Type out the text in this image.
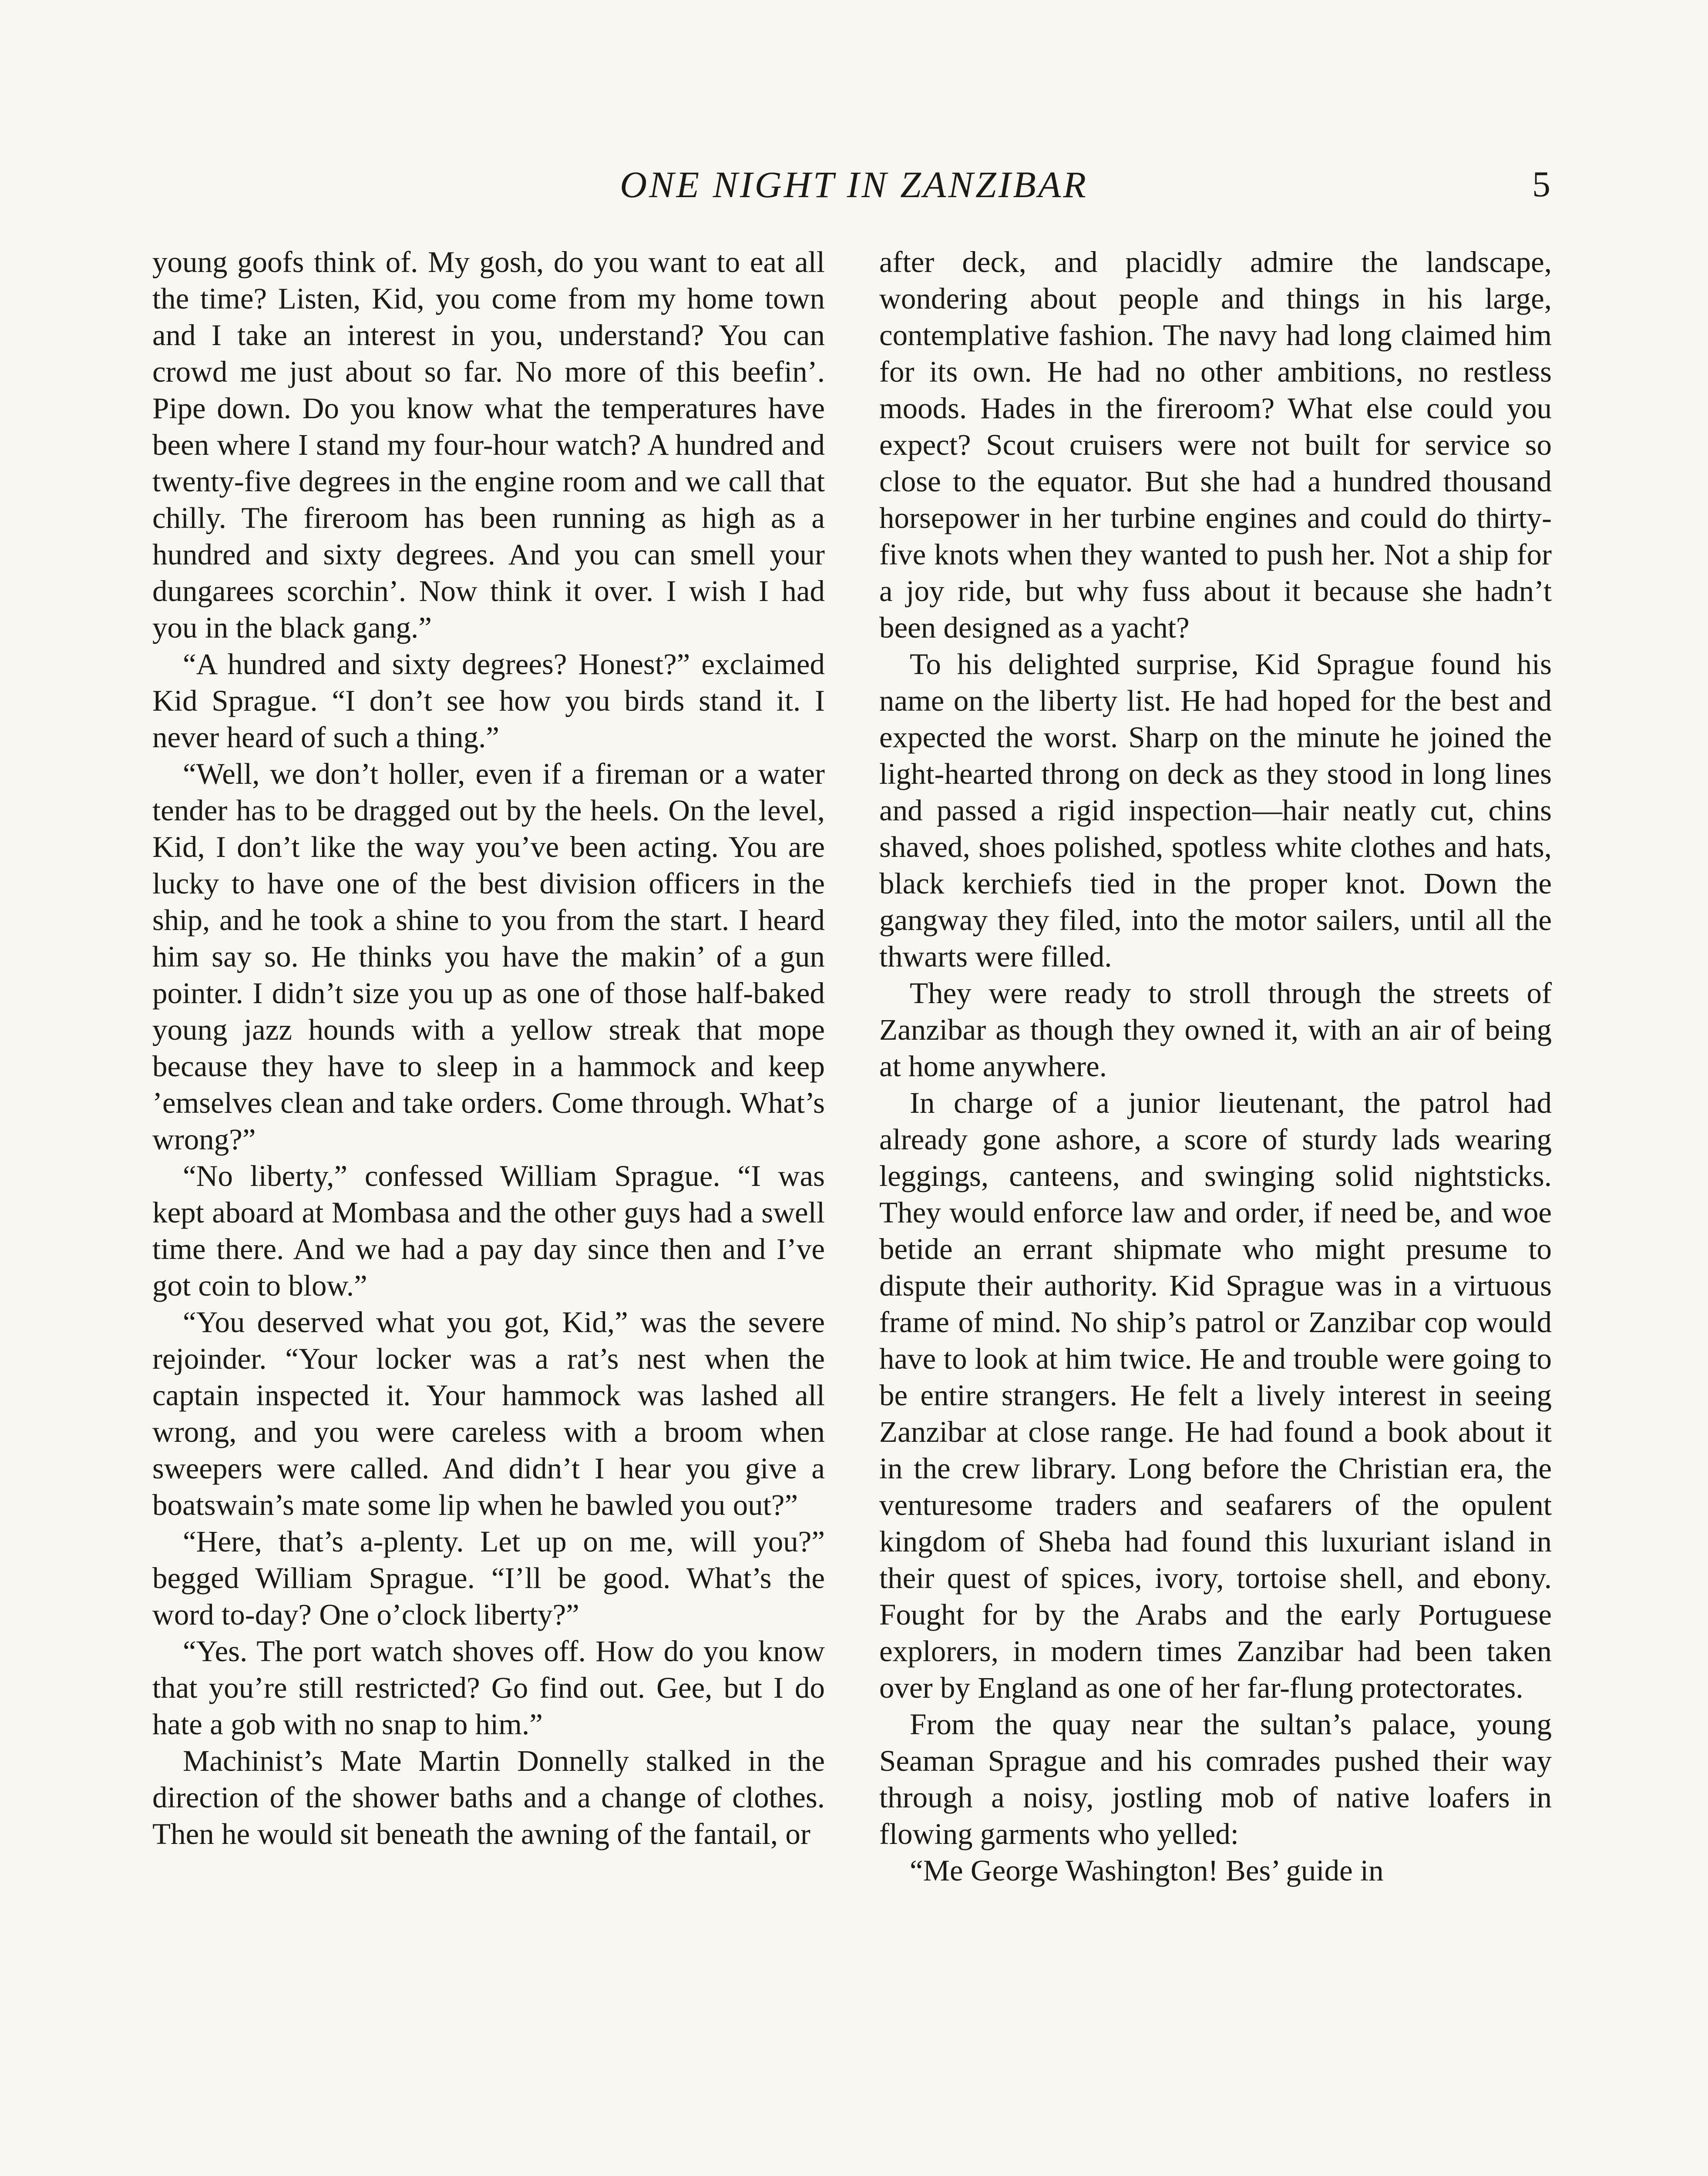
ONE NIGHT IN ZANZIBAR	5

young goofs think of. My gosh, do you want to eat all the time? Listen, Kid, you come from my home town and I take an interest in you, understand? You can crowd me just about so far. No more of this beefin’. Pipe down. Do you know what the temperatures have been where I stand my four-hour watch? A hundred and twenty-five degrees in the engine room and we call that chilly. The fireroom has been running as high as a hundred and sixty degrees. And you can smell your dungarees scorchin’. Now think it over. I wish I had you in the black gang.”

“A hundred and sixty degrees? Honest?” exclaimed Kid Sprague. “I don’t see how you birds stand it. I never heard of such a thing.”

“Well, we don’t holler, even if a fireman or a water tender has to be dragged out by the heels. On the level, Kid, I don’t like the way you’ve been acting. You are lucky to have one of the best division officers in the ship, and he took a shine to you from the start. I heard him say so. He thinks you have the makin’ of a gun pointer. I didn’t size you up as one of those half-baked young jazz hounds with a yellow streak that mope because they have to sleep in a hammock and keep ’emselves clean and take orders. Come through. What’s wrong?”

“No liberty,” confessed William Sprague. “I was kept aboard at Mombasa and the other guys had a swell time there. And we had a pay day since then and I’ve got coin to blow.”

“You deserved what you got, Kid,” was the severe rejoinder. “Your locker was a rat’s nest when the captain inspected it. Your hammock was lashed all wrong, and you were careless with a broom when sweepers were called. And didn’t I hear you give a boatswain’s mate some lip when he bawled you out?”

“Here, that’s a-plenty. Let up on me, will you?” begged William Sprague. “I’ll be good. What’s the word to-day? One o’clock liberty?”

“Yes. The port watch shoves off. How do you know that you’re still restricted? Go find out. Gee, but I do hate a gob with no snap to him.”

Machinist’s Mate Martin Donnelly stalked in the direction of the shower baths and a change of clothes. Then he would sit beneath the awning of the fantail, or

after deck, and placidly admire the landscape, wondering about people and things in his large, contemplative fashion. The navy had long claimed him for its own. He had no other ambitions, no restless moods. Hades in the fireroom? What else could you expect? Scout cruisers were not built for service so close to the equator. But she had a hundred thousand horsepower in her turbine engines and could do thirty-five knots when they wanted to push her. Not a ship for a joy ride, but why fuss about it because she hadn’t been designed as a yacht?

To his delighted surprise, Kid Sprague found his name on the liberty list. He had hoped for the best and expected the worst. Sharp on the minute he joined the light-hearted throng on deck as they stood in long lines and passed a rigid inspection—hair neatly cut, chins shaved, shoes polished, spotless white clothes and hats, black kerchiefs tied in the proper knot. Down the gangway they filed, into the motor sailers, until all the thwarts were filled.

They were ready to stroll through the streets of Zanzibar as though they owned it, with an air of being at home anywhere.

In charge of a junior lieutenant, the patrol had already gone ashore, a score of sturdy lads wearing leggings, canteens, and swinging solid nightsticks. They would enforce law and order, if need be, and woe betide an errant shipmate who might presume to dispute their authority. Kid Sprague was in a virtuous frame of mind. No ship’s patrol or Zanzibar cop would have to look at him twice. He and trouble were going to be entire strangers. He felt a lively interest in seeing Zanzibar at close range. He had found a book about it in the crew library. Long before the Christian era, the venturesome traders and seafarers of the opulent kingdom of Sheba had found this luxuriant island in their quest of spices, ivory, tortoise shell, and ebony. Fought for by the Arabs and the early Portuguese explorers, in modern times Zanzibar had been taken over by England as one of her far-flung protectorates.

From the quay near the sultan’s palace, young Seaman Sprague and his comrades pushed their way through a noisy, jostling mob of native loafers in flowing garments who yelled:

“Me George Washington! Bes’ guide in
